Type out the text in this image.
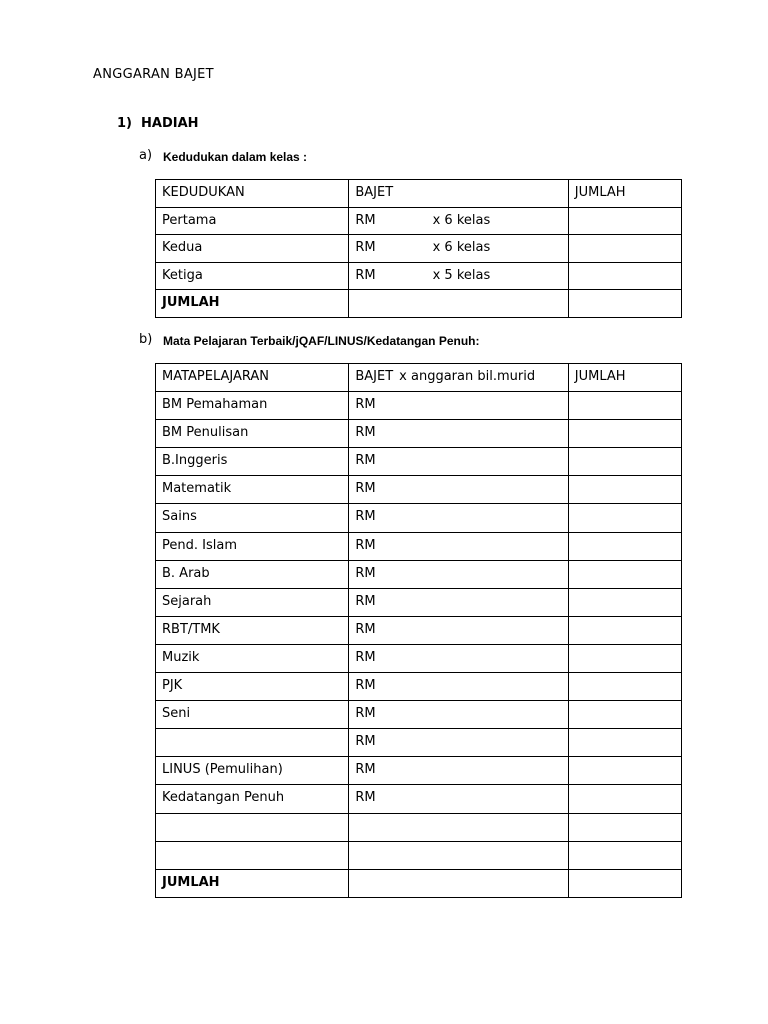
ANGGARAN BAJET
1) HADIAH
a) Kedudukan dalam kelas :
KEDUDUKAN	BAJET	JUMLAH
Pertama	RM x 6 kelas	
Kedua	RM x 6 kelas	
Ketiga	RM x 5 kelas	
JUMLAH		
b) Mata Pelajaran Terbaik/jQAF/LINUS/Kedatangan Penuh:
MATAPELAJARAN	BAJET x anggaran bil.murid	JUMLAH
BM Pemahaman	RM	
BM Penulisan	RM	
B.Inggeris	RM	
Matematik	RM	
Sains	RM	
Pend. Islam	RM	
B. Arab	RM	
Sejarah	RM	
RBT/TMK	RM	
Muzik	RM	
PJK	RM	
Seni	RM	
	RM	
LINUS (Pemulihan)	RM	
Kedatangan Penuh	RM	

JUMLAH		
